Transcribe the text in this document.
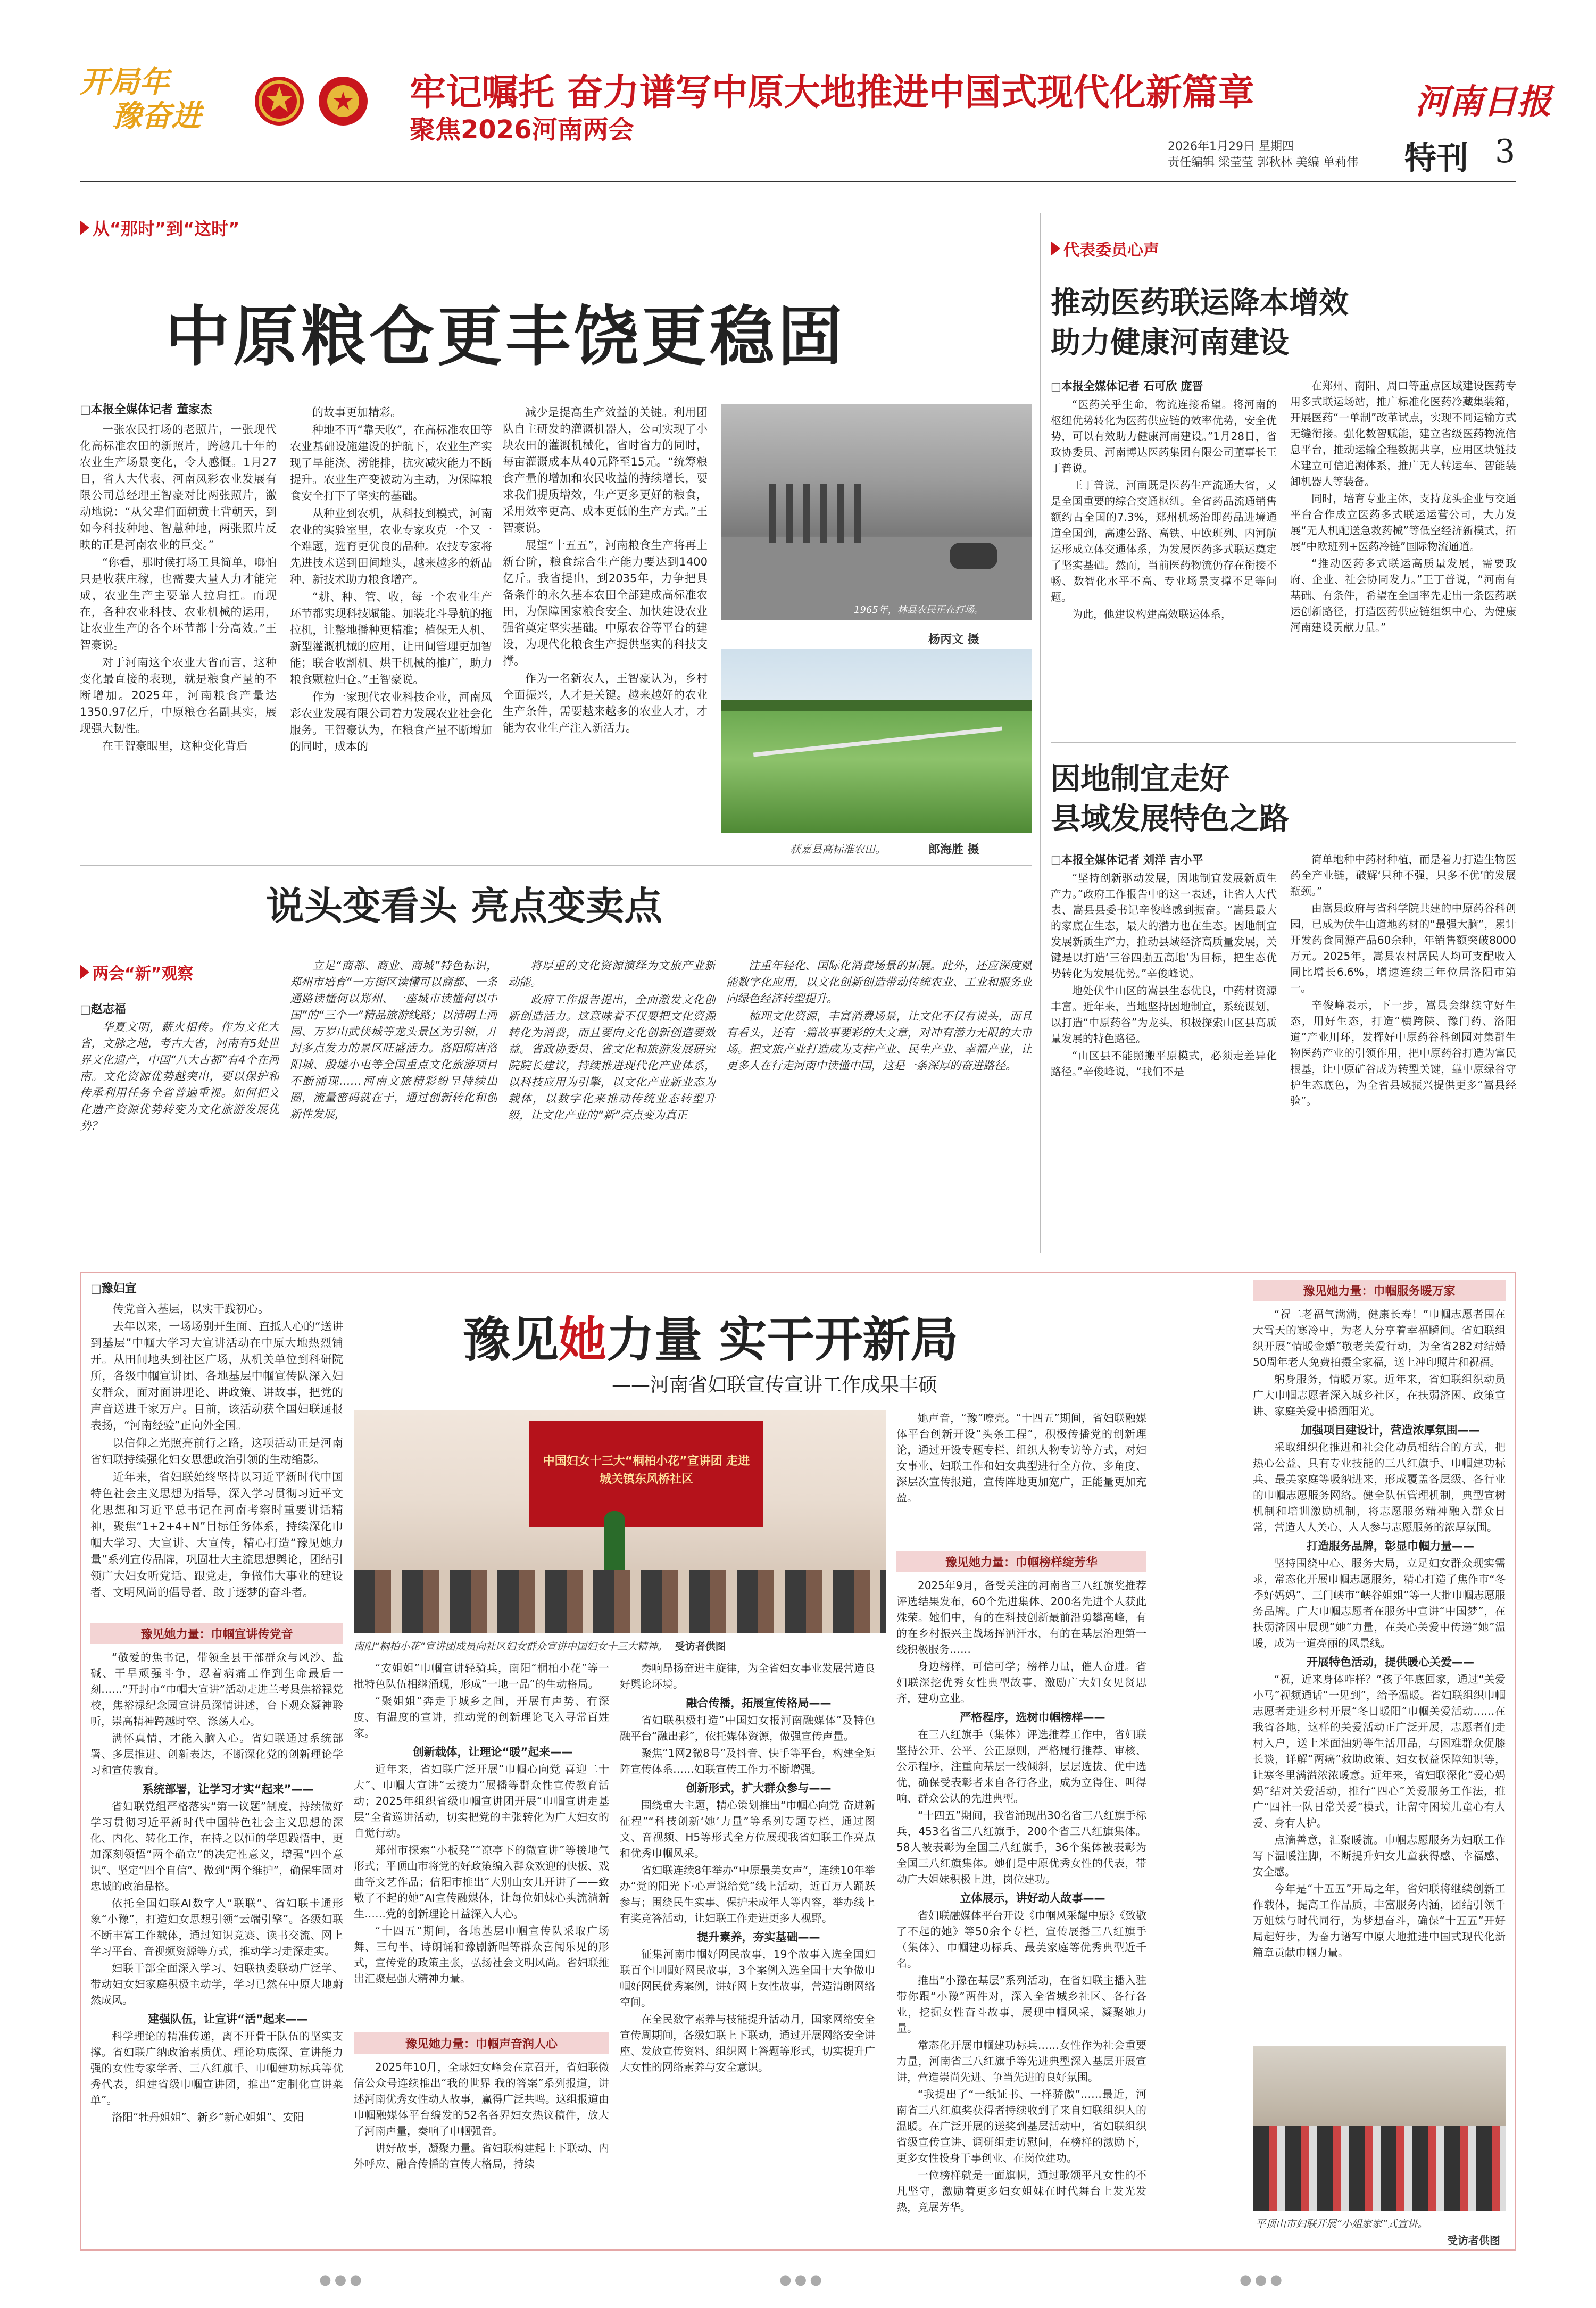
开局年
豫奋进
牢记嘱托 奋力谱写中原大地推进中国式现代化新篇章
聚焦2026河南两会
河南日报
2026年1月29日 星期四
责任编辑 梁莹莹 郭秋林 美编 单莉伟 特刊 3
从“那时”到“这时”
中原粮仓更丰饶更稳固
□本报全媒体记者 董家杰

一张农民打场的老照片，一张现代化高标准农田的新照片，跨越几十年的农业生产场景变化，令人感慨。1月27日，省人大代表、河南凤彩农业发展有限公司总经理王智豪对比两张照片，激动地说：“从父辈们面朝黄土背朝天，到如今科技种地、智慧种地，两张照片反映的正是河南农业的巨变。”

“你看，那时候打场工具简单，啷怕只是收获庄稼，也需要大量人力才能完成，农业生产主要靠人拉肩扛。而现在，各种农业科技、农业机械的运用，让农业生产的各个环节都十分高效。”王智豪说。

对于河南这个农业大省而言，这种变化最直接的表现，就是粮食产量的不断增加。2025年，河南粮食产量达1350.97亿斤，中原粮仓名副其实，展现强大韧性。

在王智豪眼里，这种变化背后

的故事更加精彩。

种地不再“靠天收”，在高标准农田等农业基础设施建设的护航下，农业生产实现了旱能浇、涝能排，抗灾减灾能力不断提升。农业生产变被动为主动，为保障粮食安全打下了坚实的基础。

从种业到农机，从科技到模式，河南农业的实验室里，农业专家攻克一个又一个难题，选育更优良的品种。农技专家将先进技术送到田间地头，越来越多的新品种、新技术助力粮食增产。

“耕、种、管、收，每一个农业生产环节都实现科技赋能。加装北斗导航的拖拉机，让整地播种更精准；植保无人机、新型灌溉机械的应用，让田间管理更加智能；联合收割机、烘干机械的推广，助力粮食颗粒归仓。”王智豪说。

作为一家现代农业科技企业，河南凤彩农业发展有限公司着力发展农业社会化服务。王智豪认为，在粮食产量不断增加的同时，成本的

减少是提高生产效益的关键。利用团队自主研发的灌溉机器人，公司实现了小块农田的灌溉机械化，省时省力的同时，每亩灌溉成本从40元降至15元。“统筹粮食产量的增加和农民收益的持续增长，要求我们提质增效，生产更多更好的粮食，采用效率更高、成本更低的生产方式。”王智豪说。

展望“十五五”，河南粮食生产将再上新台阶，粮食综合生产能力要达到1400亿斤。我省提出，到2035年，力争把具备条件的永久基本农田全部建成高标准农田，为保障国家粮食安全、加快建设农业强省奠定坚实基础。中原农谷等平台的建设，为现代化粮食生产提供坚实的科技支撑。

作为一名新农人，王智豪认为，乡村全面振兴，人才是关键。越来越好的农业生产条件，需要越来越多的农业人才，才能为农业生产注入新活力。

1965年，林县农民正在打场。
杨丙文 摄
获嘉县高标准农田。	郎海胜 摄
代表委员心声
推动医药联运降本增效
助力健康河南建设
□本报全媒体记者 石可欣 庞晋

“医药关乎生命，物流连接希望。将河南的枢纽优势转化为医药供应链的效率优势，安全优势，可以有效助力健康河南建设。”1月28日，省政协委员、河南博达医药集团有限公司董事长王丁普说。

王丁普说，河南既是医药生产流通大省，又是全国重要的综合交通枢纽。全省药品流通销售额约占全国的7.3%，郑州机场治即药品进境通道全国到，高速公路、高铁、中欧班列、内河航运形成立体交通体系，为发展医药多式联运奠定了坚实基础。然而，当前医药物流仍存在衔接不畅、数智化水平不高、专业场景支撑不足等问题。

为此，他建议构建高效联运体系，

在郑州、南阳、周口等重点区域建设医药专用多式联运场站，推广标准化医药冷藏集装箱，开展医药“一单制”改革试点，实现不同运输方式无缝衔接。强化数智赋能，建立省级医药物流信息平台，推动运输全程数据共享，应用区块链技术建立可信追溯体系，推广无人转运车、智能装卸机器人等装备。

同时，培育专业主体，支持龙头企业与交通平台合作成立医药多式联运运营公司，大力发展“无人机配送急救药械”等低空经济新模式，拓展“中欧班列+医药冷链”国际物流通道。

“推动医药多式联运高质量发展，需要政府、企业、社会协同发力。”王丁普说，“河南有基础、有条件，希望在全国率先走出一条医药联运创新路径，打造医药供应链组织中心，为健康河南建设贡献力量。”

因地制宜走好
县域发展特色之路
□本报全媒体记者 刘洋 吉小平

“坚持创新驱动发展，因地制宜发展新质生产力。”政府工作报告中的这一表述，让省人大代表、嵩县县委书记辛俊峰感到振奋。“嵩县最大的家底在生态，最大的潜力也在生态。因地制宜发展新质生产力，推动县域经济高质量发展，关键是以打造‘三谷四强五高地’为目标，把生态优势转化为发展优势。”辛俊峰说。

地处伏牛山区的嵩县生态优良，中药材资源丰富。近年来，当地坚持因地制宜，系统谋划，以打造“中原药谷”为龙头，积极探索山区县高质量发展的特色路径。

“山区县不能照搬平原模式，必须走差异化路径。”辛俊峰说，“我们不是

简单地种中药材种植，而是着力打造生物医药全产业链，破解‘只种不强，只多不优’的发展瓶颈。”

由嵩县政府与省科学院共建的中原药谷科创园，已成为伏牛山道地药材的“最强大脑”，累计开发药食同源产品60余种，年销售额突破8000万元。2025年，嵩县农村居民人均可支配收入同比增长6.6%，增速连续三年位居洛阳市第一。

辛俊峰表示，下一步，嵩县会继续守好生态，用好生态，打造“横跨陕、豫门药、洛阳道”产业川环，发挥好中原药谷科创园对集群生物医药产业的引领作用，把中原药谷打造为富民根基，让中原矿谷成为转型关键，靠中原绿谷守护生态底色，为全省县域振兴提供更多“嵩县经验”。

说头变看头 亮点变卖点
两会“新”观察
□赵志福

华夏文明，薪火相传。作为文化大省，文脉之地，考古大省，河南有5处世界文化遗产，中国“八大古都”有4个在河南。文化资源优势越突出，要以保护和传承利用任务全省普遍重视。如何把文化遗产资源优势转变为文化旅游发展优势？

立足“商都、商业、商城”特色标识，郑州市培育“一方街区读懂可以商都、一条通路读懂何以郑州、一座城市读懂何以中国”的“三个一”精品旅游线路；以清明上河园、万岁山武侠城等龙头景区为引领，开封多点发力的景区旺盛活力。洛阳隋唐洛阳城、殷墟小屯等全国重点文化旅游项目不断涌现……河南文旅精彩纷呈持续出圈，流量密码就在于，通过创新转化和创新性发展，

将厚重的文化资源演绎为文旅产业新动能。

政府工作报告提出，全面激发文化创新创造活力。这意味着不仅要把文化资源转化为消费，而且要向文化创新创造要效益。省政协委员、省文化和旅游发展研究院院长建议，持续推进现代化产业体系，以科技应用为引擎，以文化产业新业态为载体，以数字化来推动传统业态转型升级，让文化产业的“新”亮点变为真正

注重年轻化、国际化消费场景的拓展。此外，还应深度赋能数字化应用，以文化创新创造带动传统农业、工业和服务业向绿色经济转型提升。

梳理文化资源，丰富消费场景，让文化不仅有说头，而且有看头，还有一篇故事要彩的大文章，对冲有潜力无限的大市场。把文旅产业打造成为支柱产业、民生产业、幸福产业，让更多人在行走河南中读懂中国，这是一条深厚的奋进路径。

□豫妇宣
豫见她力量 实干开新局
——河南省妇联宣传宣讲工作成果丰硕

传党音入基层，以实干践初心。

去年以来，一场场别开生面、直抵人心的“送讲到基层”中帼大学习大宣讲活动在中原大地热烈铺开。从田间地头到社区广场，从机关单位到科研院所，各级中帼宣讲团、各地基层中帼宣传队深入妇女群众，面对面讲理论、讲政策、讲故事，把党的声音送进千家万户。目前，该活动获全国妇联通报表扬，“河南经验”正向外全国。

以信仰之光照亮前行之路，这项活动正是河南省妇联持续强化妇女思想政治引领的生动缩影。

近年来，省妇联始终坚持以习近平新时代中国特色社会主义思想为指导，深入学习贯彻习近平文化思想和习近平总书记在河南考察时重要讲话精神，聚焦“1+2+4+N”目标任务体系，持续深化巾帼大学习、大宣讲、大宣传，精心打造“豫见她力量”系列宣传品牌，巩固壮大主流思想舆论，团结引领广大妇女听党话、跟党走，争做伟大事业的建设者、文明风尚的倡导者、敢于逐梦的奋斗者。

豫见她力量：巾帼宣讲传党音

“敬爱的焦书记，带领全县干部群众与风沙、盐碱、干旱顽强斗争，忍着病痛工作到生命最后一刻……”开封市“巾帼大宣讲”活动走进兰考县焦裕禄党校，焦裕禄纪念园宣讲员深情讲述，台下观众凝神聆听，崇高精神跨越时空、涤荡人心。

满怀真情，才能入脑入心。省妇联通过系统部署、多层推进、创新表达，不断深化党的创新理论学习和宣传教育。

系统部署，让学习才实“起来”——

省妇联党组严格落实“第一议题”制度，持续做好学习贯彻习近平新时代中国特色社会主义思想的深化、内化、转化工作，在持之以恒的学思践悟中，更加深刻领悟“两个确立”的决定性意义，增强“四个意识”、坚定“四个自信”、做到“两个维护”，确保牢固对忠诚的政治品格。

依托全国妇联AI数字人“联联”、省妇联卡通形象“小豫”，打造妇女思想引领“云端引擎”。各级妇联不断丰富工作载体，通过知识竞赛、读书交流、网上学习平台、音视频资源等方式，推动学习走深走实。

妇联干部全面深入学习、妇联执委联动广泛学、带动妇女妇家庭积极主动学，学习已然在中原大地蔚然成风。

建强队伍，让宣讲“活”起来——

科学理论的精准传递，离不开骨干队伍的坚实支撑。省妇联广纳政治素质优、理论功底深、宣讲能力强的女性专家学者、三八红旗手、巾帼建功标兵等优秀代表，组建省级巾帼宣讲团，推出“定制化宣讲菜单”。

洛阳“牡丹姐姐”、新乡“新心姐姐”、安阳

中国妇女十三大“桐柏小花”宣讲团 走进城关镇东风桥社区
南阳“桐柏小花”宣讲团成员向社区妇女群众宣讲中国妇女十三大精神。 受访者供图

“安姐姐”巾帼宣讲轻骑兵，南阳“桐柏小花”等一批特色队伍相继涌现，形成“一地一品”的生动格局。

“聚姐姐”奔走于城乡之间，开展有声势、有深度、有温度的宣讲，推动党的创新理论飞入寻常百姓家。

创新载体，让理论“暖”起来——

近年来，省妇联广泛开展“巾帼心向党 喜迎二十大”、巾帼大宣讲“云接力”展播等群众性宣传教育活动；2025年组织省级巾帼宣讲团开展“巾帼宣讲走基层”全省巡讲活动，切实把党的主张转化为广大妇女的自觉行动。

郑州市探索“小板凳”“凉亭下的微宣讲”等接地气形式；平顶山市将党的好政策编入群众欢迎的快板、戏曲等文艺作品；信阳市推出“大别山女儿开讲了——致敬了不起的她”AI宣传融媒体，让每位姐妹心头流淌新生……党的创新理论日益深入人心。

“十四五”期间，各地基层巾帼宣传队采取广场舞、三句半、诗朗诵和豫剧新唱等群众喜闻乐见的形式，宣传党的政策主张，弘扬社会文明风尚。省妇联推出汇聚起强大精神力量。

豫见她力量：巾帼声音润人心

2025年10月，全球妇女峰会在京召开，省妇联微信公众号连续推出“我的世界 我的答案”系列报道，讲述河南优秀女性动人故事，赢得广泛共鸣。这组报道由巾帼融媒体平台编发的52名各界妇女热议稿件，放大了河南声量，奏响了巾帼强音。

讲好故事，凝聚力量。省妇联构建起上下联动、内外呼应、融合传播的宣传大格局，持续

奏响昂扬奋进主旋律，为全省妇女事业发展营造良好舆论环境。

融合传播，拓展宣传格局——

省妇联积极打造“中国妇女报河南融媒体”及特色融平台“融出彩”，依托媒体资源，做强宣传声量。

聚焦“1网2微8号”及抖音、快手等平台，构建全矩阵宣传体系……妇联宣传工作力不断增强。

创新形式，扩大群众参与——

围绕重大主题，精心策划推出“巾帼心向党 奋进新征程”“科技创新‘她’力量”等系列专题专栏，通过图文、音视频、H5等形式全方位展现我省妇联工作亮点和优秀巾帼风采。

省妇联连续8年举办“中原最美女声”，连续10年举办“党的阳光下·心声说给党”线上活动，近百万人踊跃参与；围绕民生实事、保护未成年人等内容，举办线上有奖竞答活动，让妇联工作走进更多人视野。

提升素养，夯实基础——

征集河南巾帼好网民故事，19个故事入选全国妇联百个巾帼好网民故事，3个案例入选全国十大争做巾帼好网民优秀案例，讲好网上女性故事，营造清朗网络空间。

在全民数字素养与技能提升活动月，国家网络安全宣传周期间，各级妇联上下联动，通过开展网络安全讲座、发放宣传资料、组织网上答题等形式，切实提升广大女性的网络素养与安全意识。

她声音，“豫”嘹亮。“十四五”期间，省妇联融媒体平台创新开设“头条工程”，积极传播党的创新理论，通过开设专题专栏、组织人物专访等方式，对妇女事业、妇联工作和妇女典型进行全方位、多角度、深层次宣传报道，宣传阵地更加宽广，正能量更加充盈。

豫见她力量：巾帼榜样绽芳华

2025年9月，备受关注的河南省三八红旗奖推荐评选结果发布，60个先进集体、200名先进个人获此殊荣。她们中，有的在科技创新最前沿勇攀高峰，有的在乡村振兴主战场挥洒汗水，有的在基层治理第一线积极服务……

身边榜样，可信可学；榜样力量，催人奋进。省妇联深挖优秀女性典型故事，激励广大妇女见贤思齐，建功立业。

严格程序，选树巾帼榜样——

在三八红旗手（集体）评选推荐工作中，省妇联坚持公开、公平、公正原则，严格履行推荐、审核、公示程序，注重向基层一线倾斜，层层选拔、优中选优，确保受表彰者来自各行各业，成为立得住、叫得响、群众公认的先进典型。

“十四五”期间，我省涌现出30名省三八红旗手标兵，453名省三八红旗手，200个省三八红旗集体。58人被表彰为全国三八红旗手，36个集体被表彰为全国三八红旗集体。她们是中原优秀女性的代表，带动广大姐妹积极上进，岗位建功。

立体展示，讲好动人故事——

省妇联融媒体平台开设《巾帼风采耀中原》《致敬了不起的她》等50余个专栏，宣传展播三八红旗手（集体）、巾帼建功标兵、最美家庭等优秀典型近千名。

推出“小豫在基层”系列活动，在省妇联主播入驻带你跟“小豫”两件对，深入全省城乡社区、各行各业，挖掘女性奋斗故事，展现中帼风采，凝聚她力量。

常态化开展巾帼建功标兵……女性作为社会重要力量，河南省三八红旗手等先进典型深入基层开展宣讲，营造崇尚先进、争当先进的良好氛围。

“我提出了“一纸证书、一样骄傲”……最近，河南省三八红旗奖获得者持续收到了来自妇联组织人的温暖。在广泛开展的送奖到基层活动中，省妇联组织省级宣传宣讲、调研组走访慰问，在榜样的激励下，更多女性投身干事创业、在岗位建功。

一位榜样就是一面旗帜，通过歌颂平凡女性的不凡坚守，激励着更多妇女姐妹在时代舞台上发光发热，竞展芳华。

豫见她力量：巾帼服务暖万家

“祝二老福气满满，健康长寿！”巾帼志愿者围在大雪天的寒冷中，为老人分享着幸福瞬间。省妇联组织开展“情暖金婚”敬老关爱行动，为全省282对结婚50周年老人免费拍摄全家福，送上冲印照片和祝福。

躬身服务，情暖万家。近年来，省妇联组织动员广大巾帼志愿者深入城乡社区，在扶弱济困、政策宣讲、家庭关爱中播洒阳光。

加强项目建设计，营造浓厚氛围——

采取组织化推进和社会化动员相结合的方式，把热心公益、具有专业技能的三八红旗手、巾帼建功标兵、最美家庭等吸纳进来，形成覆盖各层级、各行业的巾帼志愿服务网络。健全队伍管理机制，典型宣树机制和培训激励机制，将志愿服务精神融入群众日常，营造人人关心、人人参与志愿服务的浓厚氛围。

打造服务品牌，彰显巾帼力量——

坚持围绕中心、服务大局，立足妇女群众现实需求，常态化开展巾帼志愿服务，精心打造了焦作市“冬季好妈妈”、三门峡市“峡谷姐姐”等一大批巾帼志愿服务品牌。广大巾帼志愿者在服务中宣讲“中国梦”，在扶弱济困中展现“她”力量，在关心关爱中传递“她”温暖，成为一道亮丽的风景线。

开展特色活动，提供暖心关爱——

“祝，近来身体咋样？”孩子年底回家，通过“关爱小马”视频通话“一见到”，给予温暖。省妇联组织巾帼志愿者走进乡村开展“冬日暖阳”巾帼关爱活动……在我省各地，这样的关爱活动正广泛开展，志愿者们走村入户，送上米面油奶等生活用品，与困难群众促膝长谈，详解“两癌”救助政策、妇女权益保障知识等，让寒冬里满溢浓浓暖意。近年来，省妇联深化“爱心妈妈”结对关爱活动，推行“四心”关爱服务工作法，推广“四社一队日常关爱”模式，让留守困境儿童心有人爱、身有人护。

点滴善意，汇聚暖流。巾帼志愿服务为妇联工作写下温暖注脚，不断提升妇女儿童获得感、幸福感、安全感。

今年是“十五五”开局之年，省妇联将继续创新工作载体，提高工作品质，丰富服务内涵，团结引领千万姐妹与时代同行，为梦想奋斗，确保“十五五”开好局起好步，为奋力谱写中原大地推进中国式现代化新篇章贡献巾帼力量。

平顶山市妇联开展“小姐家家”式宣讲。
受访者供图
●●●	●●●	●●●
